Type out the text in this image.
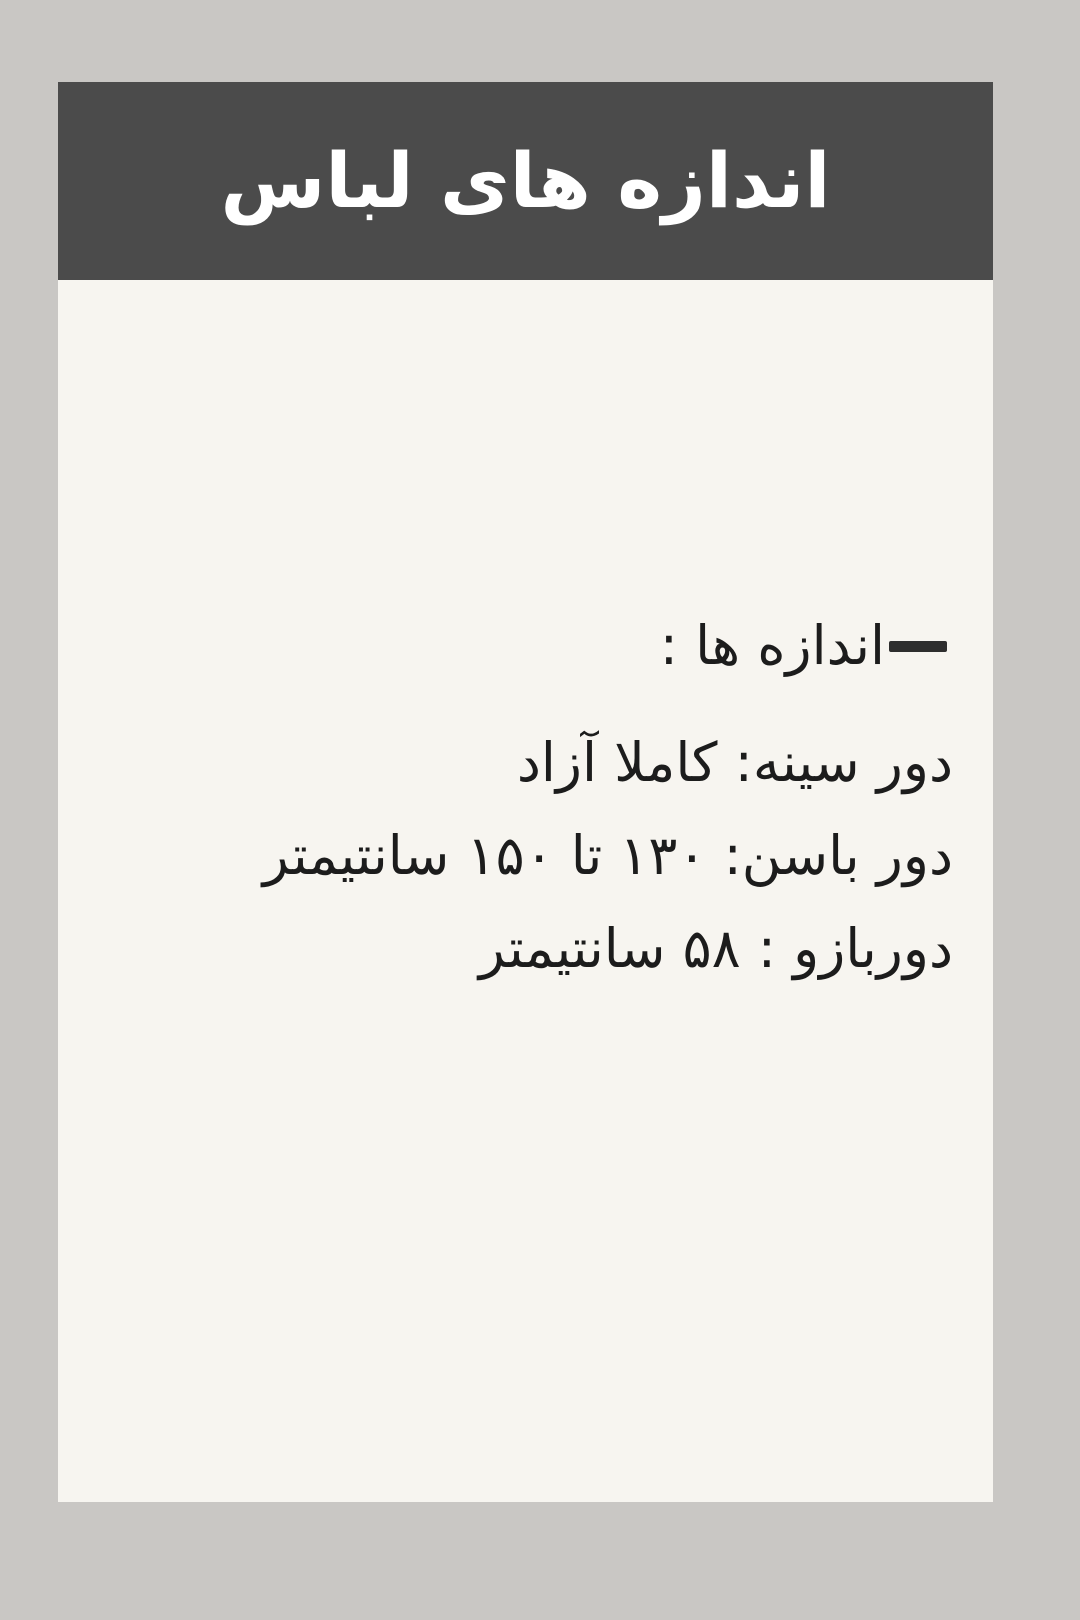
اندازه های لباس
اندازه ها :
دور سینه: کاملا آزاد
دور باسن: ۱۳۰ تا ۱۵۰ سانتیمتر
دوربازو : ۵۸ سانتیمتر
